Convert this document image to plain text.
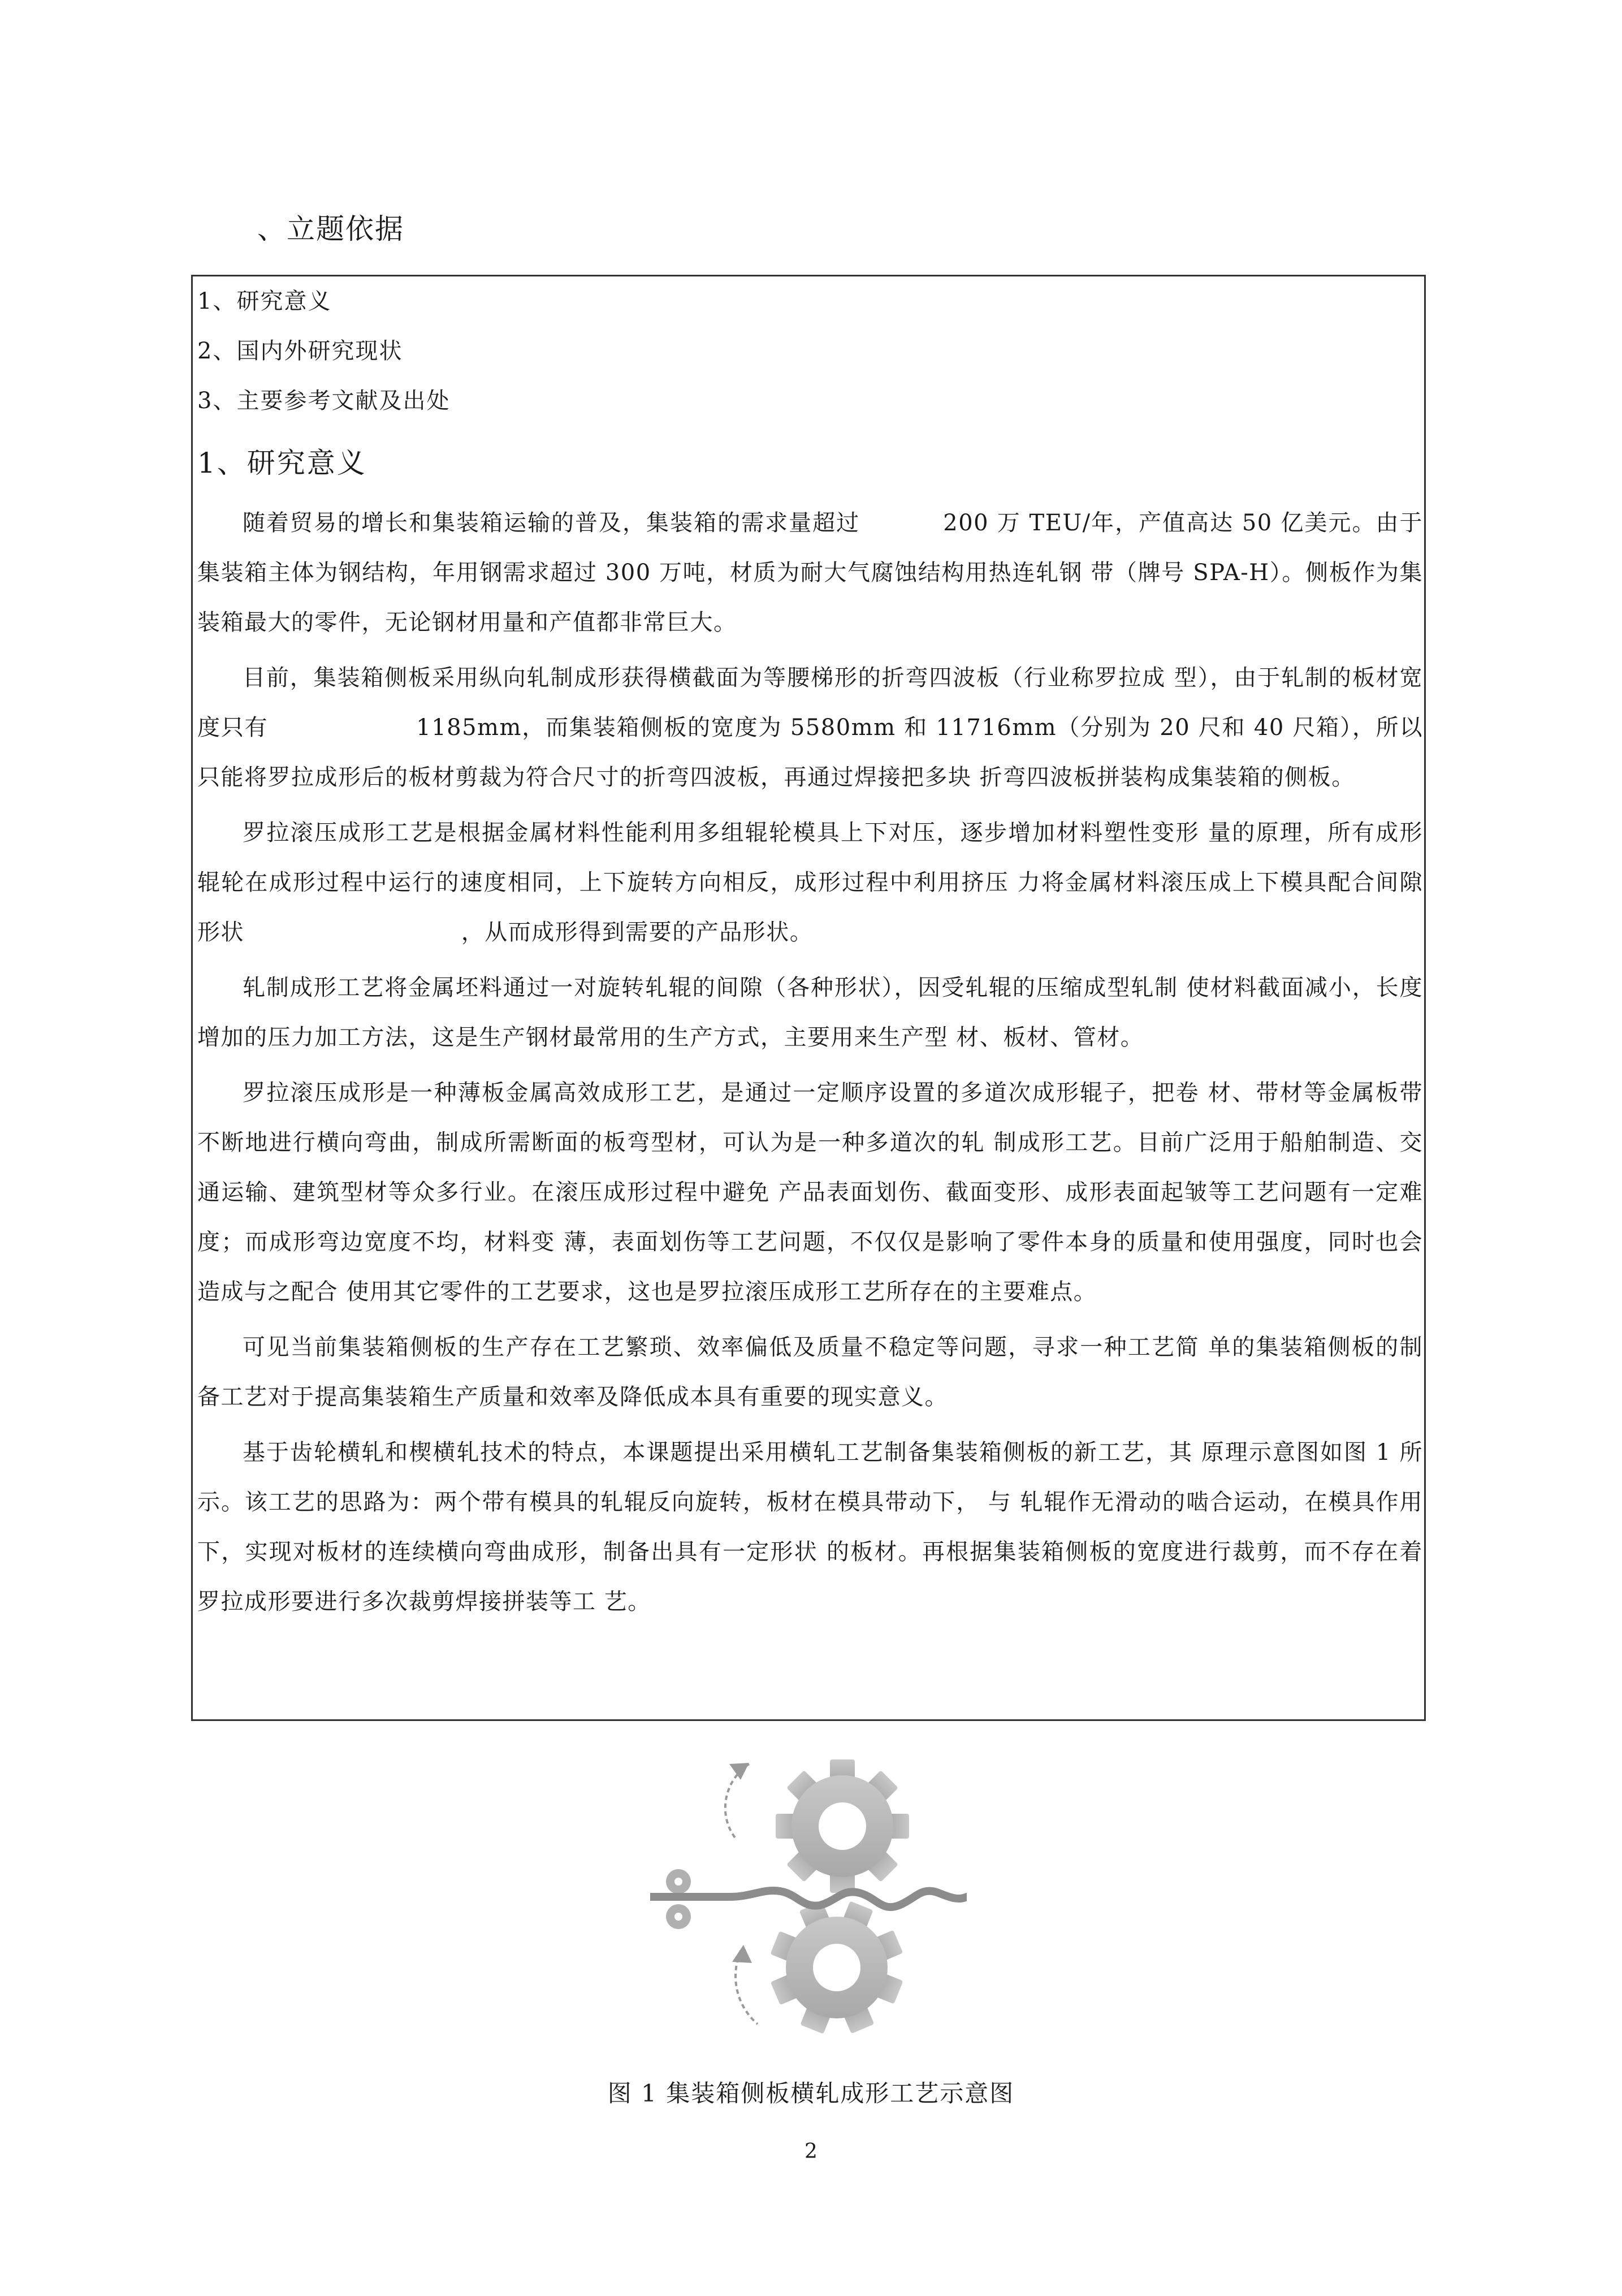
、立题依据
1、研究意义
2、国内外研究现状
3、主要参考文献及出处
1、研究意义

随着贸易的增长和集装箱运输的普及，集装箱的需求量超过          200 万 TEU/年，产值高达 50 亿美元。由于集装箱主体为钢结构，年用钢需求超过 300 万吨，材质为耐大气腐蚀结构用热连轧钢 带（牌号 SPA-H）。侧板作为集装箱最大的零件，无论钢材用量和产值都非常巨大。

目前，集装箱侧板采用纵向轧制成形获得横截面为等腰梯形的折弯四波板（行业称罗拉成 型），由于轧制的板材宽度只有                  1185mm，而集装箱侧板的宽度为 5580mm 和 11716mm（分别为 20 尺和 40 尺箱），所以只能将罗拉成形后的板材剪裁为符合尺寸的折弯四波板，再通过焊接把多块 折弯四波板拼装构成集装箱的侧板。

罗拉滚压成形工艺是根据金属材料性能利用多组辊轮模具上下对压，逐步增加材料塑性变形 量的原理，所有成形辊轮在成形过程中运行的速度相同，上下旋转方向相反，成形过程中利用挤压 力将金属材料滚压成上下模具配合间隙形状                           ，从而成形得到需要的产品形状。

轧制成形工艺将金属坯料通过一对旋转轧辊的间隙（各种形状），因受轧辊的压缩成型轧制 使材料截面减小，长度增加的压力加工方法，这是生产钢材最常用的生产方式，主要用来生产型 材、板材、管材。

罗拉滚压成形是一种薄板金属高效成形工艺，是通过一定顺序设置的多道次成形辊子，把卷 材、带材等金属板带不断地进行横向弯曲，制成所需断面的板弯型材，可认为是一种多道次的轧 制成形工艺。目前广泛用于船舶制造、交通运输、建筑型材等众多行业。在滚压成形过程中避免 产品表面划伤、截面变形、成形表面起皱等工艺问题有一定难度；而成形弯边宽度不均，材料变 薄，表面划伤等工艺问题，不仅仅是影响了零件本身的质量和使用强度，同时也会造成与之配合 使用其它零件的工艺要求，这也是罗拉滚压成形工艺所存在的主要难点。

可见当前集装箱侧板的生产存在工艺繁琐、效率偏低及质量不稳定等问题，寻求一种工艺简 单的集装箱侧板的制备工艺对于提高集装箱生产质量和效率及降低成本具有重要的现实意义。

基于齿轮横轧和楔横轧技术的特点，本课题提出采用横轧工艺制备集装箱侧板的新工艺，其 原理示意图如图 1 所示。该工艺的思路为：两个带有模具的轧辊反向旋转，板材在模具带动下， 与 轧辊作无滑动的啮合运动，在模具作用下，实现对板材的连续横向弯曲成形，制备出具有一定形状 的板材。再根据集装箱侧板的宽度进行裁剪，而不存在着罗拉成形要进行多次裁剪焊接拼装等工 艺。

图 1 集装箱侧板横轧成形工艺示意图
2
